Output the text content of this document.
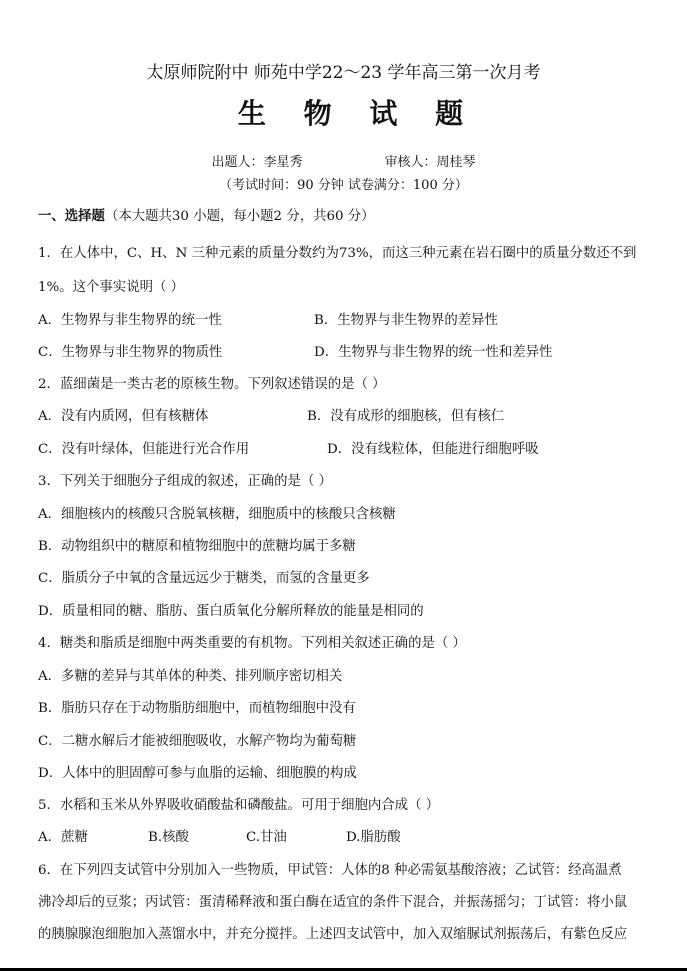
太原师院附中 师苑中学22～23 学年高三第一次月考
生 物 试 题
出题人：李星秀	审核人：周桂琴
（考试时间：90 分钟 试卷满分：100 分）
一、选择题（本大题共30 小题，每小题2 分，共60 分）
1．在人体中，C、H、N 三种元素的质量分数约为73%，而这三种元素在岩石圈中的质量分数还不到
1%。这个事实说明（ ）
A．生物界与非生物界的统一性	B．生物界与非生物界的差异性
C．生物界与非生物界的物质性	D．生物界与非生物界的统一性和差异性
2．蓝细菌是一类古老的原核生物。下列叙述错误的是（ ）
A．没有内质网，但有核糖体	B．没有成形的细胞核，但有核仁
C．没有叶绿体，但能进行光合作用	D．没有线粒体，但能进行细胞呼吸
3．下列关于细胞分子组成的叙述，正确的是（ ）
A．细胞核内的核酸只含脱氧核糖，细胞质中的核酸只含核糖
B．动物组织中的糖原和植物细胞中的蔗糖均属于多糖
C．脂质分子中氧的含量远远少于糖类，而氢的含量更多
D．质量相同的糖、脂肪、蛋白质氧化分解所释放的能量是相同的
4．糖类和脂质是细胞中两类重要的有机物。下列相关叙述正确的是（ ）
A．多糖的差异与其单体的种类、排列顺序密切相关
B．脂肪只存在于动物脂肪细胞中，而植物细胞中没有
C．二糖水解后才能被细胞吸收，水解产物均为葡萄糖
D．人体中的胆固醇可参与血脂的运输、细胞膜的构成
5．水稻和玉米从外界吸收硝酸盐和磷酸盐。可用于细胞内合成（ ）
A．蔗糖	B.核酸	C.甘油	D.脂肪酸
6．在下列四支试管中分别加入一些物质，甲试管：人体的8 种必需氨基酸溶液；乙试管：经高温煮
沸冷却后的豆浆；丙试管：蛋清稀释液和蛋白酶在适宜的条件下混合，并振荡摇匀；丁试管：将小鼠
的胰腺腺泡细胞加入蒸馏水中，并充分搅拌。上述四支试管中，加入双缩脲试剂振荡后，有紫色反应
